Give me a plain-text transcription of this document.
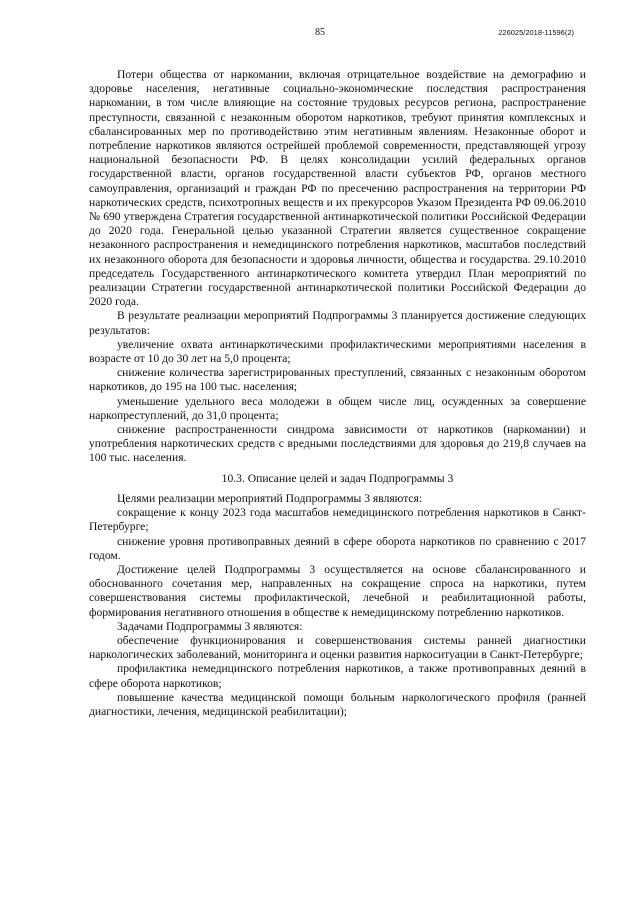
85	226025/2018-11596(2)

Потери общества от наркомании, включая отрицательное воздействие на демографию и здоровье населения, негативные социально-экономические последствия распространения наркомании, в том числе влияющие на состояние трудовых ресурсов региона, распространение преступности, связанной с незаконным оборотом наркотиков, требуют принятия комплексных и сбалансированных мер по противодействию этим негативным явлениям. Незаконные оборот и потребление наркотиков являются острейшей проблемой современности, представляющей угрозу национальной безопасности РФ. В целях консолидации усилий федеральных органов государственной власти, органов государственной власти субъектов РФ, органов местного самоуправления, организаций и граждан РФ по пресечению распространения на территории РФ наркотических средств, психотропных веществ и их прекурсоров Указом Президента РФ 09.06.2010 № 690 утверждена Стратегия государственной антинаркотической политики Российской Федерации до 2020 года. Генеральной целью указанной Стратегии является существенное сокращение незаконного распространения и немедицинского потребления наркотиков, масштабов последствий их незаконного оборота для безопасности и здоровья личности, общества и государства. 29.10.2010 председатель Государственного антинаркотического комитета утвердил План мероприятий по реализации Стратегии государственной антинаркотической политики Российской Федерации до 2020 года.

В результате реализации мероприятий Подпрограммы 3 планируется достижение следующих результатов:

увеличение охвата антинаркотическими профилактическими мероприятиями населения в возрасте от 10 до 30 лет на 5,0 процента;

снижение количества зарегистрированных преступлений, связанных с незаконным оборотом наркотиков, до 195 на 100 тыс. населения;

уменьшение удельного веса молодежи в общем числе лиц, осужденных за совершение наркопреступлений, до 31,0 процента;

снижение распространенности синдрома зависимости от наркотиков (наркомании) и употребления наркотических средств с вредными последствиями для здоровья до 219,8 случаев на 100 тыс. населения.

10.3. Описание целей и задач Подпрограммы 3

Целями реализации мероприятий Подпрограммы 3 являются:

сокращение к концу 2023 года масштабов немедицинского потребления наркотиков в Санкт-Петербурге;

снижение уровня противоправных деяний в сфере оборота наркотиков по сравнению с 2017 годом.

Достижение целей Подпрограммы 3 осуществляется на основе сбалансированного и обоснованного сочетания мер, направленных на сокращение спроса на наркотики, путем совершенствования системы профилактической, лечебной и реабилитационной работы, формирования негативного отношения в обществе к немедицинскому потреблению наркотиков.

Задачами Подпрограммы 3 являются:

обеспечение функционирования и совершенствования системы ранней диагностики наркологических заболеваний, мониторинга и оценки развития наркоситуации в Санкт-Петербурге;

профилактика немедицинского потребления наркотиков, а также противоправных деяний в сфере оборота наркотиков;

повышение качества медицинской помощи больным наркологического профиля (ранней диагностики, лечения, медицинской реабилитации);
